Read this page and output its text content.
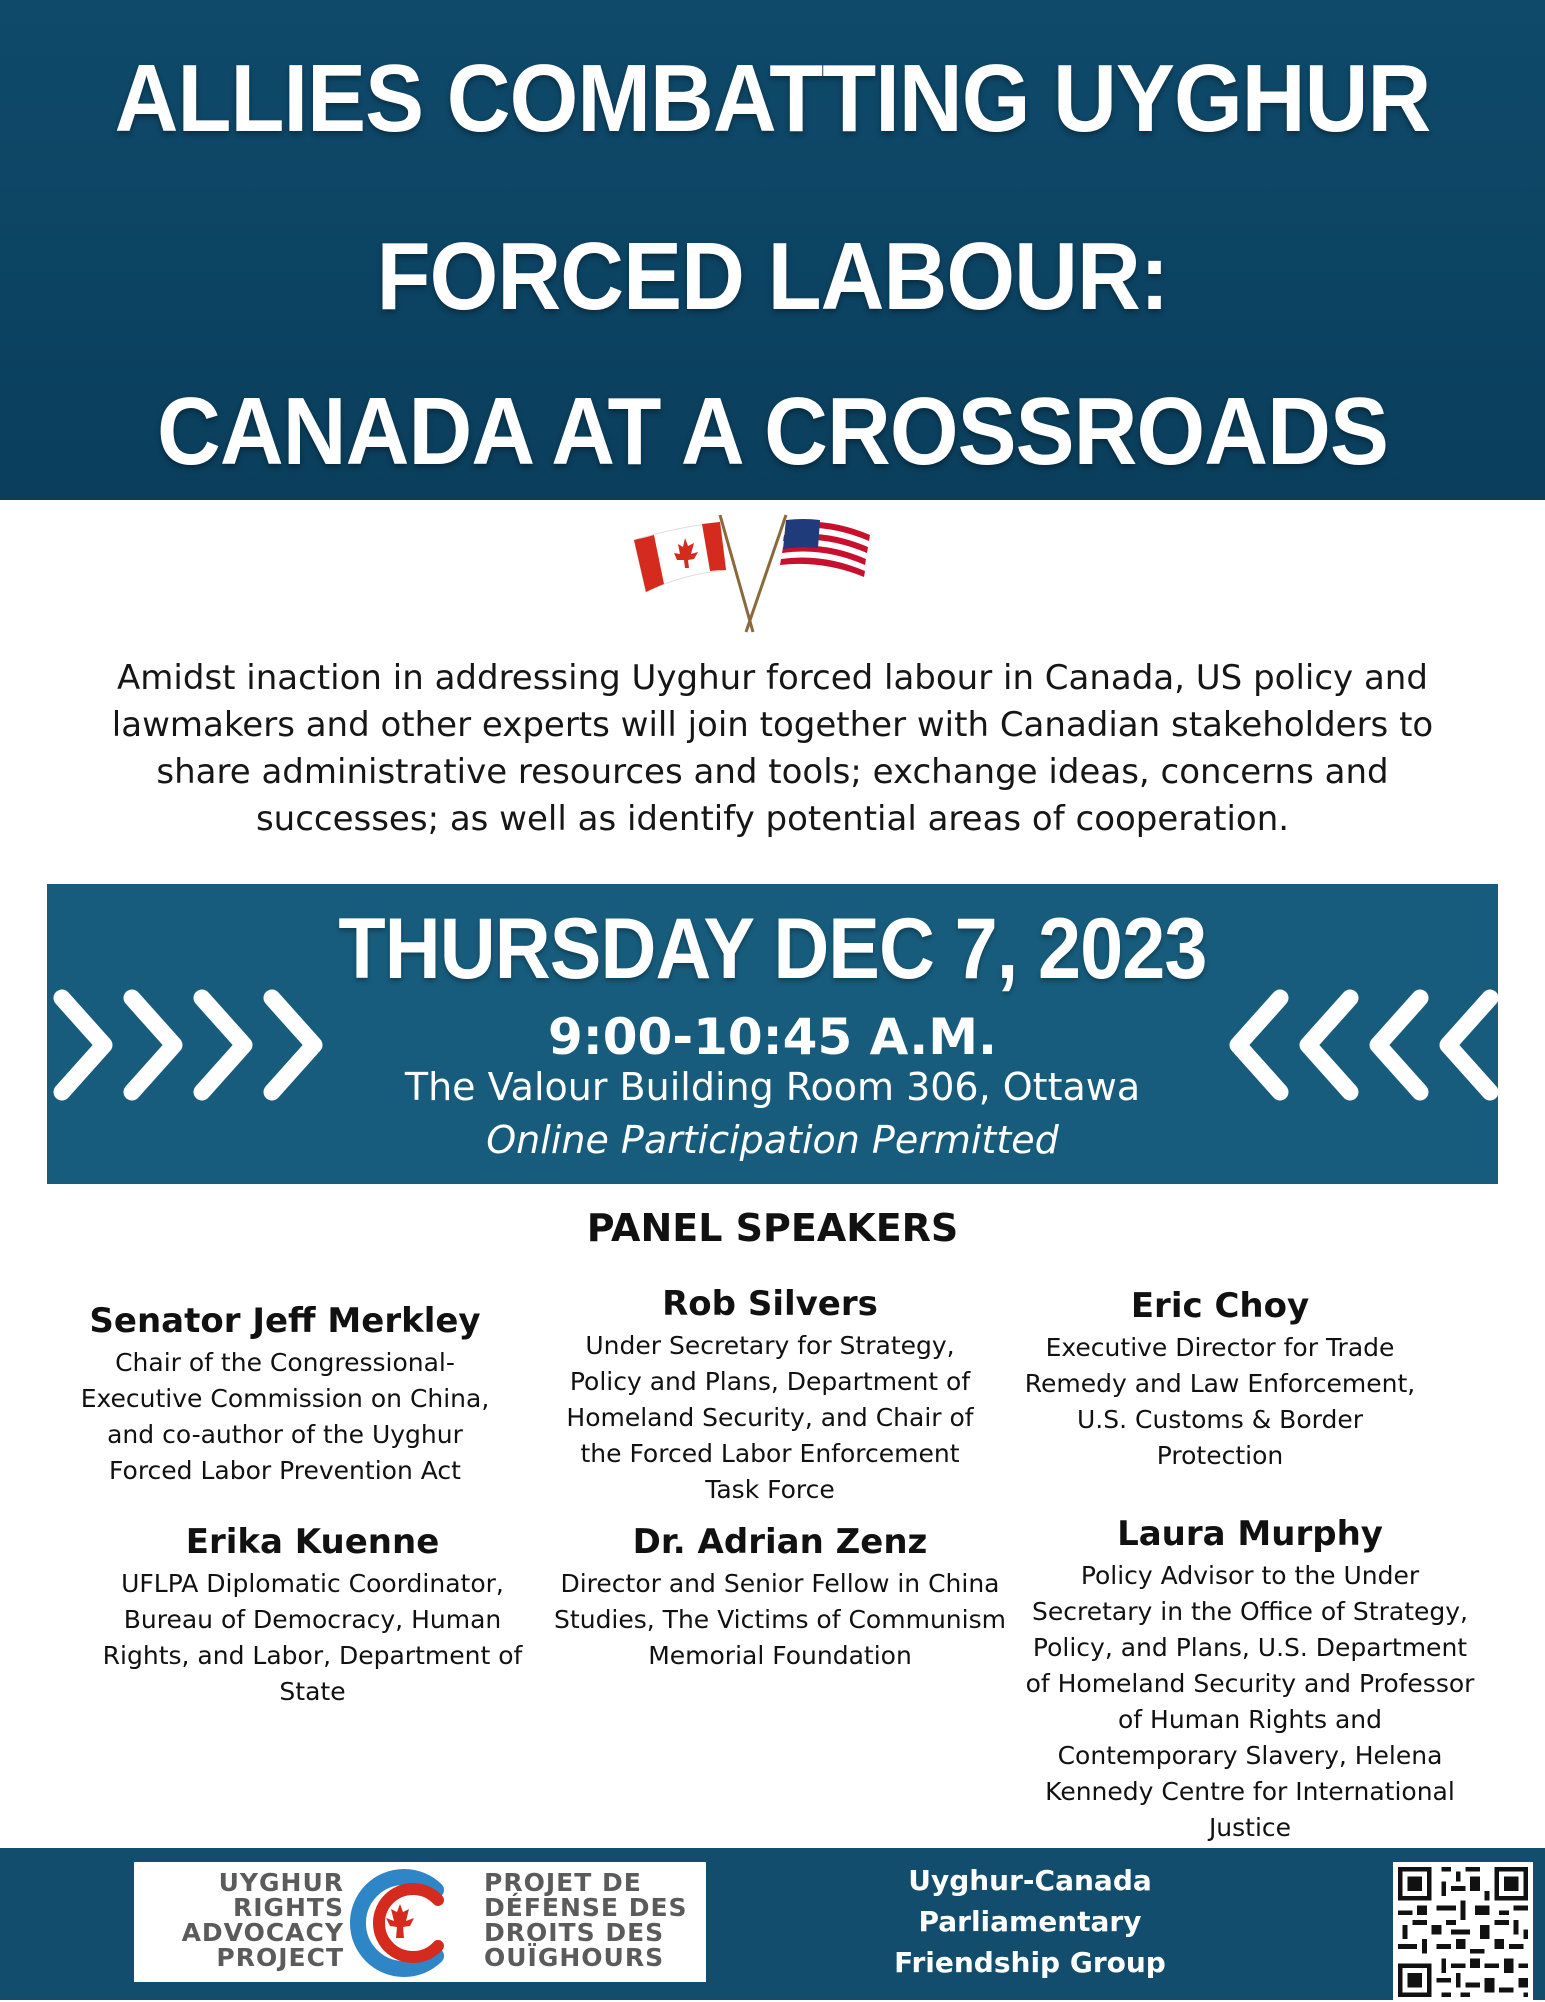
ALLIES COMBATTING UYGHUR
FORCED LABOUR:
CANADA AT A CROSSROADS
Amidst inaction in addressing Uyghur forced labour in Canada, US policy and lawmakers and other experts will join together with Canadian stakeholders to share administrative resources and tools; exchange ideas, concerns and successes; as well as identify potential areas of cooperation.
THURSDAY DEC 7, 2023
9:00-10:45 A.M.
The Valour Building Room 306, Ottawa
Online Participation Permitted
PANEL SPEAKERS
Senator Jeff Merkley
Chair of the Congressional-Executive Commission on China, and co-author of the Uyghur Forced Labor Prevention Act
Rob Silvers
Under Secretary for Strategy, Policy and Plans, Department of Homeland Security, and Chair of the Forced Labor Enforcement Task Force
Eric Choy
Executive Director for Trade Remedy and Law Enforcement, U.S. Customs & Border Protection
Erika Kuenne
UFLPA Diplomatic Coordinator, Bureau of Democracy, Human Rights, and Labor, Department of State
Dr. Adrian Zenz
Director and Senior Fellow in China Studies, The Victims of Communism Memorial Foundation
Laura Murphy
Policy Advisor to the Under Secretary in the Office of Strategy, Policy, and Plans, U.S. Department of Homeland Security and Professor of Human Rights and Contemporary Slavery, Helena Kennedy Centre for International Justice
UYGHUR
RIGHTS
ADVOCACY
PROJECT
PROJET DE
DÉFENSE DES
DROITS DES
OUÏGHOURS
Uyghur-Canada
Parliamentary
Friendship Group
